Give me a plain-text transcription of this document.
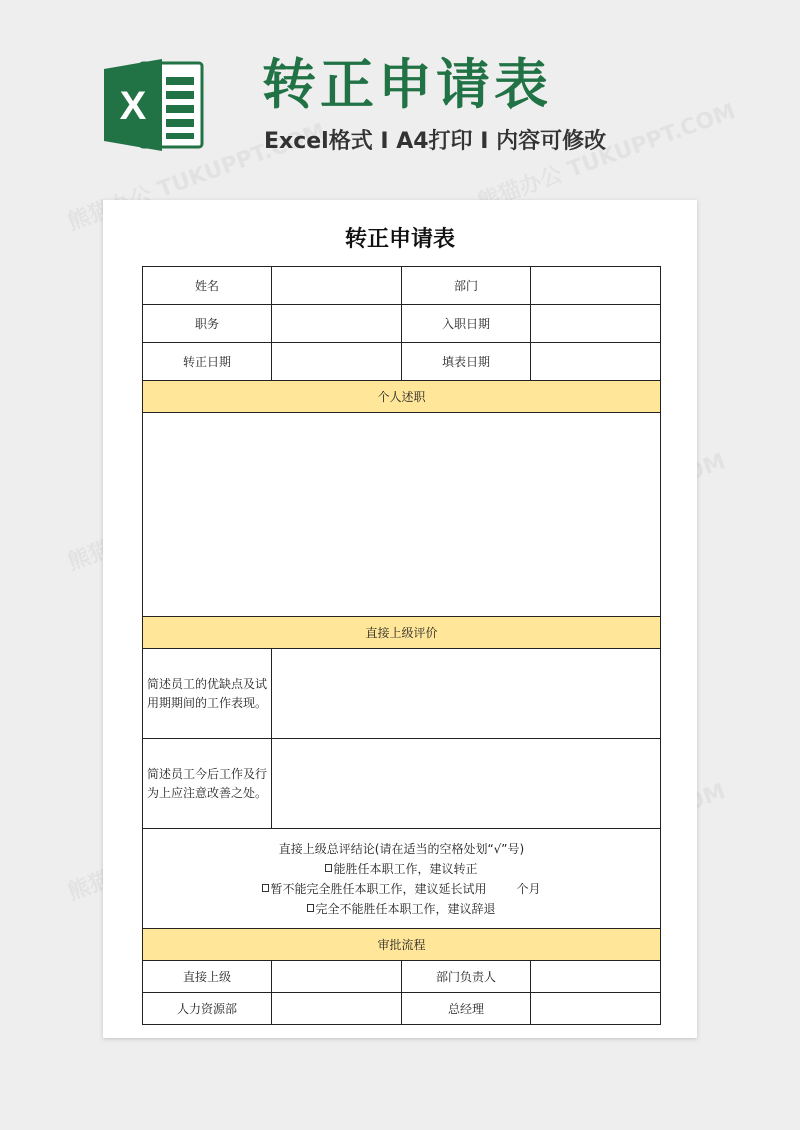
X 转正申请表
Excel格式 I A4打印 I 内容可修改
转正申请表
姓名		部门	
职务		入职日期	
转正日期		填表日期	
个人述职			

直接上级评价			
简述员工的优缺点及试用期期间的工作表现。			
简述员工今后工作及行为上应注意改善之处。			

直接上级总评结论(请在适当的空格处划“√”号)
能胜任本职工作，建议转正
暂不能完全胜任本职工作，建议延长试用 个月
完全不能胜任本职工作，建议辞退			

审批流程			
直接上级		部门负责人	
人力资源部		总经理	
